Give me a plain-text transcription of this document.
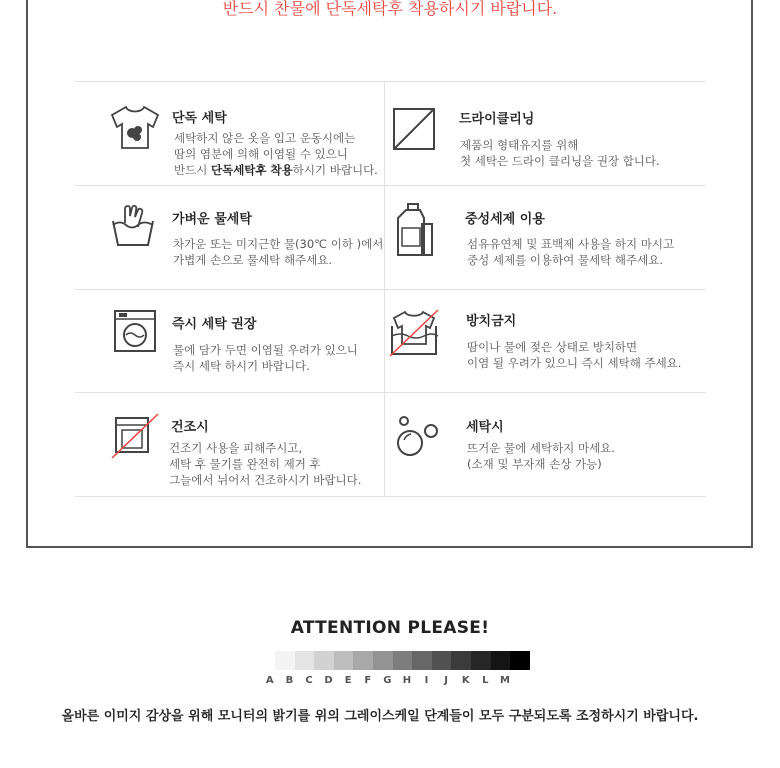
반드시 찬물에 단독세탁후 착용하시기 바랍니다.
단독 세탁
세탁하지 않은 옷을 입고 운동시에는
땀의 염분에 의해 이염될 수 있으니
반드시 단독세탁후 착용하시기 바랍니다.
드라이클리닝
제품의 형태유지를 위해
첫 세탁은 드라이 클리닝을 권장 합니다.
가벼운 물세탁
차가운 또는 미지근한 물(30℃ 이하 )에서
가볍게 손으로 물세탁 해주세요.
중성세제 이용
섬유유연제 및 표백제 사용을 하지 마시고
중성 세제를 이용하여 물세탁 해주세요.
즉시 세탁 권장
물에 담가 두면 이염될 우려가 있으니
즉시 세탁 하시기 바랍니다.
방치금지
땀이나 물에 젖은 상태로 방치하면
이염 될 우려가 있으니 즉시 세탁해 주세요.
건조시
건조기 사용을 피해주시고,
세탁 후 물기를 완전히 제거 후
그늘에서 뉘어서 건조하시기 바랍니다.
세탁시
뜨거운 물에 세탁하지 마세요.
(소재 및 부자재 손상 가능)
ATTENTION PLEASE!
A	B	C	D	E	F	G	H	I	J	K	L	M
올바른 이미지 감상을 위해 모니터의 밝기를 위의 그레이스케일 단계들이 모두 구분되도록 조정하시기 바랍니다.
